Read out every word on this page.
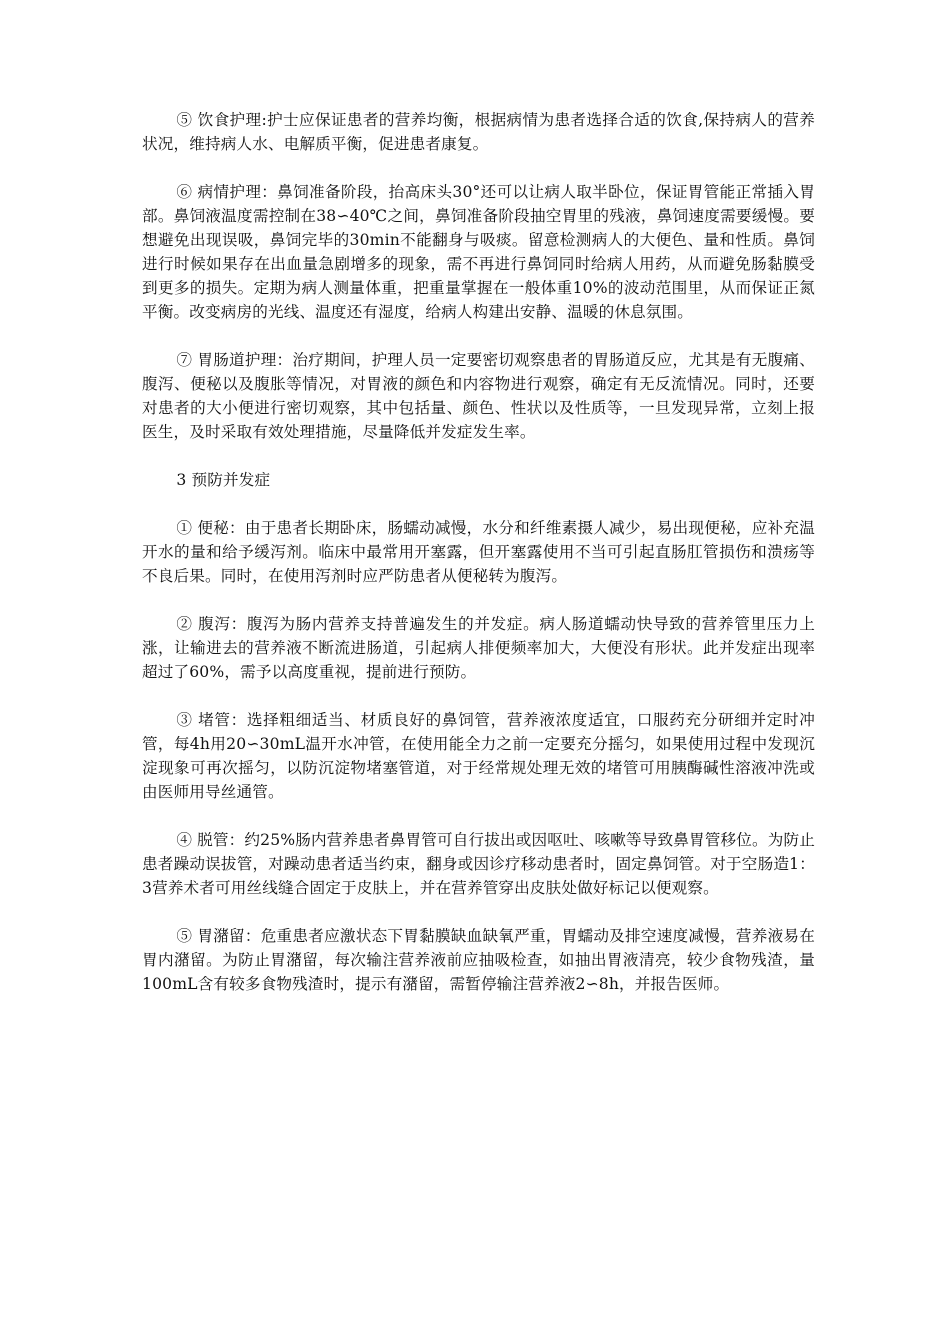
⑤ 饮食护理:护士应保证患者的营养均衡，根据病情为患者选择合适的饮食,保持病人的营养状况，维持病人水、电解质平衡，促进患者康复。

⑥ 病情护理：鼻饲准备阶段，抬高床头30°还可以让病人取半卧位，保证胃管能正常插入胃部。鼻饲液温度需控制在38∽40℃之间，鼻饲准备阶段抽空胃里的残液，鼻饲速度需要缓慢。要想避免出现误吸，鼻饲完毕的30min不能翻身与吸痰。留意检测病人的大便色、量和性质。鼻饲进行时候如果存在出血量急剧增多的现象，需不再进行鼻饲同时给病人用药，从而避免肠黏膜受到更多的损失。定期为病人测量体重，把重量掌握在一般体重10%的波动范围里，从而保证正氮平衡。改变病房的光线、温度还有湿度，给病人构建出安静、温暖的休息氛围。

⑦ 胃肠道护理：治疗期间，护理人员一定要密切观察患者的胃肠道反应，尤其是有无腹痛、腹泻、便秘以及腹胀等情况，对胃液的颜色和内容物进行观察，确定有无反流情况。同时，还要对患者的大小便进行密切观察，其中包括量、颜色、性状以及性质等，一旦发现异常，立刻上报医生，及时采取有效处理措施，尽量降低并发症发生率。

3 预防并发症

① 便秘：由于患者长期卧床，肠蠕动减慢，水分和纤维素摄人减少，易出现便秘，应补充温开水的量和给予缓泻剂。临床中最常用开塞露，但开塞露使用不当可引起直肠肛管损伤和溃疡等不良后果。同时，在使用泻剂时应严防患者从便秘转为腹泻。

② 腹泻：腹泻为肠内营养支持普遍发生的并发症。病人肠道蠕动快导致的营养管里压力上涨，让输进去的营养液不断流进肠道，引起病人排便频率加大，大便没有形状。此并发症出现率超过了60%，需予以高度重视，提前进行预防。

③ 堵管：选择粗细适当、材质良好的鼻饲管，营养液浓度适宜，口服药充分研细并定时冲管，每4h用20∽30mL温开水冲管，在使用能全力之前一定要充分摇匀，如果使用过程中发现沉淀现象可再次摇匀，以防沉淀物堵塞管道，对于经常规处理无效的堵管可用胰酶碱性溶液冲洗或由医师用导丝通管。

④ 脱管：约25%肠内营养患者鼻胃管可自行拔出或因呕吐、咳嗽等导致鼻胃管移位。为防止患者躁动误拔管，对躁动患者适当约束，翻身或因诊疗移动患者时，固定鼻饲管。对于空肠造1：3营养术者可用丝线缝合固定于皮肤上，并在营养管穿出皮肤处做好标记以便观察。

⑤ 胃潴留：危重患者应激状态下胃黏膜缺血缺氧严重，胃蠕动及排空速度减慢，营养液易在胃内潴留。为防止胃潴留，每次输注营养液前应抽吸检查，如抽出胃液清亮，较少食物残渣，量100mL含有较多食物残渣时，提示有潴留，需暂停输注营养液2∽8h，并报告医师。
